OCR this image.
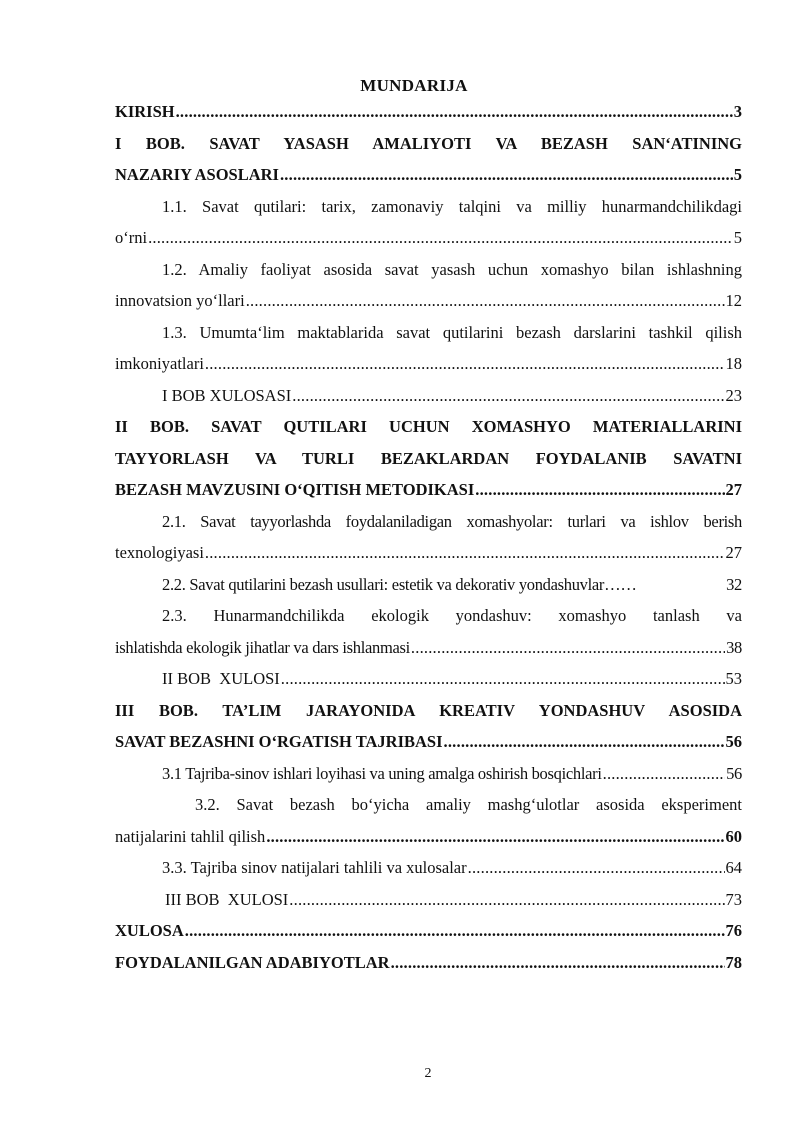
MUNDARIJA
KIRISH .....	3
I BOB. SAVAT YASASH AMALIYOTI VA BEZASH SAN‘ATINING
NAZARIY ASOSLARI .....	5
1.1. Savat qutilari: tarix, zamonaviy talqini va milliy hunarmandchilikdagi
o‘rni .....	5
1.2. Amaliy faoliyat asosida savat yasash uchun xomashyo bilan ishlashning
innovatsion yo‘llari .....	12
1.3. Umumta‘lim maktablarida savat qutilarini bezash darslarini tashkil qilish
imkoniyatlari .....	18
I BOB XULOSASI .....	23
II BOB. SAVAT QUTILARI UCHUN XOMASHYO MATERIALLARINI
TAYYORLASH VA TURLI BEZAKLARDAN FOYDALANIB SAVATNI
BEZASH MAVZUSINI O‘QITISH METODIKASI .....	27
2.1. Savat tayyorlashda foydalaniladigan xomashyolar: turlari va ishlov berish
texnologiyasi .....	27
2.2. Savat qutilarini bezash usullari: estetik va dekorativ yondashuvlar ……	32
2.3. Hunarmandchilikda ekologik yondashuv: xomashyo tanlash va
ishlatishda ekologik jihatlar va dars ishlanmasi .....	38
II BOB  XULOSI .....	53
III BOB. TA’LIM JARAYONIDA KREATIV YONDASHUV ASOSIDA
SAVAT BEZASHNI O‘RGATISH TAJRIBASI .....	56
3.1 Tajriba-sinov ishlari loyihasi va uning amalga oshirish bosqichlari .....	56
3.2. Savat bezash bo‘yicha amaliy mashg‘ulotlar asosida eksperiment
natijalarini tahlil qilish .....	60
3.3. Tajriba sinov natijalari tahlili va xulosalar .....	64
III BOB  XULOSI .....	73
XULOSA .....	76
FOYDALANILGAN ADABIYOTLAR .....	78
2
